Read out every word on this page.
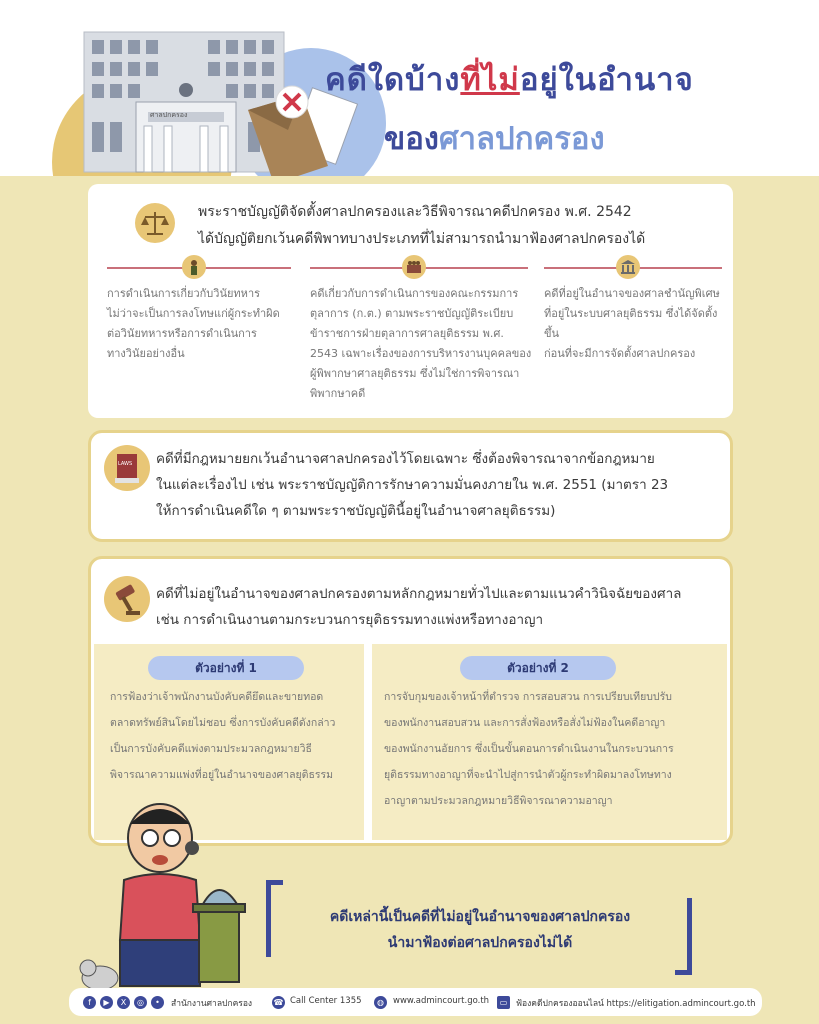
ศาลปกครอง
คดีใดบ้างที่ไม่อยู่ในอำนาจ
ของศาลปกครอง
พระราชบัญญัติจัดตั้งศาลปกครองและวิธีพิจารณาคดีปกครอง พ.ศ. 2542
ได้บัญญัติยกเว้นคดีพิพาทบางประเภทที่ไม่สามารถนำมาฟ้องศาลปกครองได้
การดำเนินการเกี่ยวกับวินัยทหาร
ไม่ว่าจะเป็นการลงโทษแก่ผู้กระทำผิด
ต่อวินัยทหารหรือการดำเนินการ
ทางวินัยอย่างอื่น
คดีเกี่ยวกับการดำเนินการของคณะกรรมการ
ตุลาการ (ก.ต.) ตามพระราชบัญญัติระเบียบ
ข้าราชการฝ่ายตุลาการศาลยุติธรรม พ.ศ.
2543 เฉพาะเรื่องของการบริหารงานบุคคลของ
ผู้พิพากษาศาลยุติธรรม ซึ่งไม่ใช่การพิจารณา
พิพากษาคดี
คดีที่อยู่ในอำนาจของศาลชำนัญพิเศษ
ที่อยู่ในระบบศาลยุติธรรม ซึ่งได้จัดตั้งขึ้น
ก่อนที่จะมีการจัดตั้งศาลปกครอง
LAWS คดีที่มีกฎหมายยกเว้นอำนาจศาลปกครองไว้โดยเฉพาะ ซึ่งต้องพิจารณาจากข้อกฎหมาย
ในแต่ละเรื่องไป เช่น พระราชบัญญัติการรักษาความมั่นคงภายใน พ.ศ. 2551 (มาตรา 23
ให้การดำเนินคดีใด ๆ ตามพระราชบัญญัตินี้อยู่ในอำนาจศาลยุติธรรม)
คดีที่ไม่อยู่ในอำนาจของศาลปกครองตามหลักกฎหมายทั่วไปและตามแนวคำวินิจฉัยของศาล
เช่น การดำเนินงานตามกระบวนการยุติธรรมทางแพ่งหรือทางอาญา
ตัวอย่างที่ 1	ตัวอย่างที่ 2
การฟ้องว่าเจ้าพนักงานบังคับคดียึดและขายทอด
ตลาดทรัพย์สินโดยไม่ชอบ ซึ่งการบังคับคดีดังกล่าว
เป็นการบังคับคดีแพ่งตามประมวลกฎหมายวิธี
พิจารณาความแพ่งที่อยู่ในอำนาจของศาลยุติธรรม
การจับกุมของเจ้าหน้าที่ตำรวจ การสอบสวน การเปรียบเทียบปรับ
ของพนักงานสอบสวน และการสั่งฟ้องหรือสั่งไม่ฟ้องในคดีอาญา
ของพนักงานอัยการ ซึ่งเป็นขั้นตอนการดำเนินงานในกระบวนการ
ยุติธรรมทางอาญาที่จะนำไปสู่การนำตัวผู้กระทำผิดมาลงโทษทาง
อาญาตามประมวลกฎหมายวิธีพิจารณาความอาญา
คดีเหล่านี้เป็นคดีที่ไม่อยู่ในอำนาจของศาลปกครอง
นำมาฟ้องต่อศาลปกครองไม่ได้
f	▶	X	◎	•	สำนักงานศาลปกครอง	☎ Call Center 1355	◍	www.admincourt.go.th	▭	ฟ้องคดีปกครองออนไลน์ https://elitigation.admincourt.go.th
